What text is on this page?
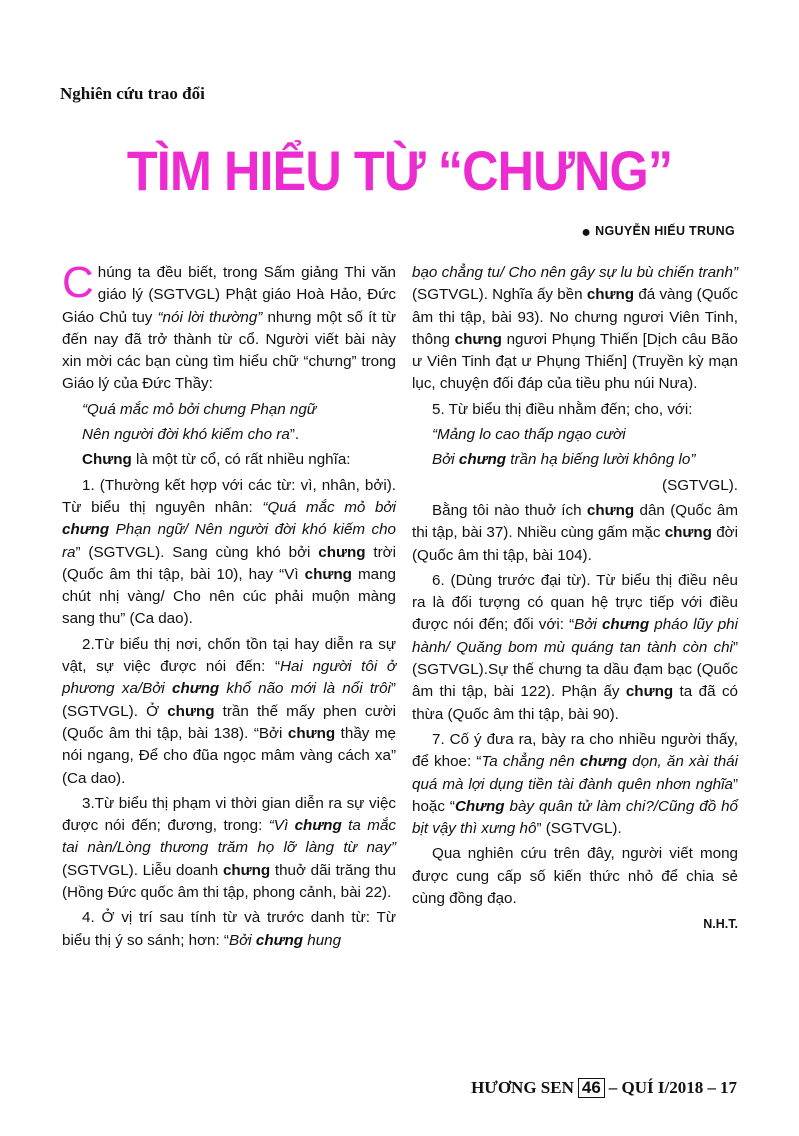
Nghiên cứu trao đổi
TÌM HIỂU TỪ “CHƯNG”
● NGUYỄN HIẾU TRUNG

Chúng ta đều biết, trong Sấm giảng Thi văn giáo lý (SGTVGL) Phật giáo Hoà Hảo, Đức Giáo Chủ tuy “nói lời thường” nhưng một số ít từ đến nay đã trở thành từ cổ. Người viết bài này xin mời các bạn cùng tìm hiểu chữ “chưng” trong Giáo lý của Đức Thầy:

“Quá mắc mỏ bởi chưng Phạn ngữ

Nên người đời khó kiếm cho ra”.

Chưng là một từ cổ, có rất nhiều nghĩa:

1. (Thường kết hợp với các từ: vì, nhân, bởi). Từ biểu thị nguyên nhân: “Quá mắc mỏ bởi chưng Phạn ngữ/ Nên người đời khó kiếm cho ra” (SGTVGL). Sang cùng khó bởi chưng trời (Quốc âm thi tập, bài 10), hay “Vì chưng mang chút nhị vàng/ Cho nên cúc phải muộn màng sang thu” (Ca dao).

2.Từ biểu thị nơi, chốn tồn tại hay diễn ra sự vật, sự việc được nói đến: “Hai người tôi ở phương xa/Bởi chưng khổ não mới là nổi trôi” (SGTVGL). Ở chưng trần thế mấy phen cười (Quốc âm thi tập, bài 138). “Bởi chưng thầy mẹ nói ngang, Để cho đũa ngọc mâm vàng cách xa” (Ca dao).

3.Từ biểu thị phạm vi thời gian diễn ra sự việc được nói đến; đương, trong: “Vì chưng ta mắc tai nàn/Lòng thương trăm họ lỡ làng từ nay” (SGTVGL). Liễu doanh chưng thuở dãi trăng thu (Hồng Đức quốc âm thi tập, phong cảnh, bài 22).

4. Ở vị trí sau tính từ và trước danh từ: Từ biểu thị ý so sánh; hơn: “Bởi chưng hung

bạo chẳng tu/ Cho nên gây sự lu bù chiến tranh” (SGTVGL). Nghĩa ấy bền chưng đá vàng (Quốc âm thi tập, bài 93). No chưng ngươi Viên Tinh, thông chưng ngươi Phụng Thiến [Dịch câu Bão ư Viên Tinh đạt ư Phụng Thiến] (Truyền kỳ mạn lục, chuyện đối đáp của tiều phu núi Nưa).

5. Từ biểu thị điều nhằm đến; cho, với:

“Mảng lo cao thấp ngạo cười

Bởi chưng trần hạ biếng lười không lo”

(SGTVGL).

Bằng tôi nào thuở ích chưng dân (Quốc âm thi tập, bài 37). Nhiều cùng gấm mặc chưng đời (Quốc âm thi tập, bài 104).

6. (Dùng trước đại từ). Từ biểu thị điều nêu ra là đối tượng có quan hệ trực tiếp với điều được nói đến; đối với: “Bởi chưng pháo lũy phi hành/ Quăng bom mù quáng tan tành còn chi” (SGTVGL).Sự thế chưng ta dầu đạm bạc (Quốc âm thi tập, bài 122). Phận ấy chưng ta đã có thừa (Quốc âm thi tập, bài 90).

7. Cố ý đưa ra, bày ra cho nhiều người thấy, để khoe: “Ta chẳng nên chưng dọn, ăn xài thái quá mà lợi dụng tiền tài đành quên nhơn nghĩa” hoặc “Chưng bày quân tử làm chi?/Cũng đồ hổ bịt vậy thì xưng hô” (SGTVGL).

Qua nghiên cứu trên đây, người viết mong được cung cấp số kiến thức nhỏ để chia sẻ cùng đồng đạo.

N.H.T.

HƯƠNG SEN 46 – QUÍ I/2018 – 17
